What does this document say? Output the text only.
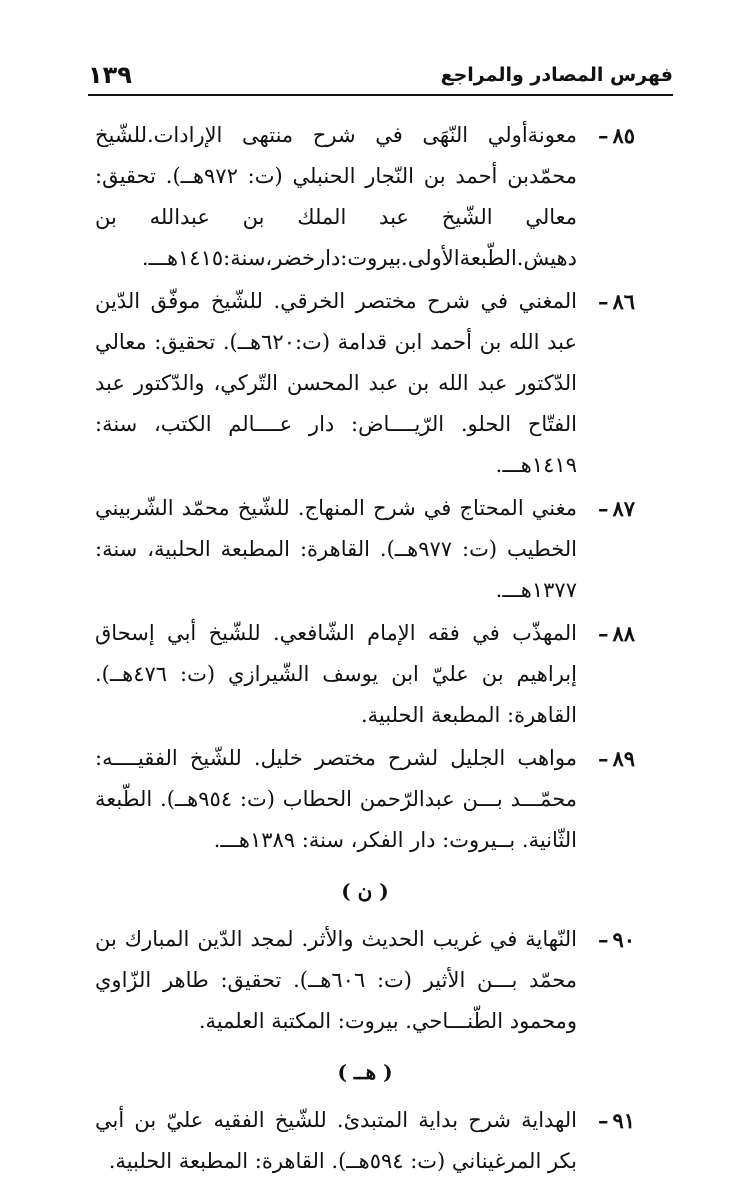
فهرس المصادر والمراجع
١٣٩
٨٥ –
معونةأولي النّهَى في شرح منتهى الإرادات.للشّيخ محمّدبن أحمد بن النّجار الحنبلي (ت: ٩٧٢هــ). تحقيق: معالي الشّيخ عبد الملك بن عبدالله بن دهيش.الطّبعةالأولى.بيروت:دارخضر،سنة:١٤١٥هـــ.
٨٦ –
المغني في شرح مختصر الخرقي. للشّيخ موفّق الدّين عبد الله بن أحمد ابن قدامة (ت:٦٢٠هــ). تحقيق: معالي الدّكتور عبد الله بن عبد المحسن التّركي، والدّكتور عبد الفتّاح الحلو. الرّيــــاض: دار عــــالم الكتب، سنة: ١٤١٩هـــ.
٨٧ –
مغني المحتاج في شرح المنهاج. للشّيخ محمّد الشّربيني الخطيب (ت: ٩٧٧هــ). القاهرة: المطبعة الحلبية، سنة: ١٣٧٧هـــ.
٨٨ –
المهذّب في فقه الإمام الشّافعي. للشّيخ أبي إسحاق إبراهيم بن عليّ ابن يوسف الشّيرازي (ت: ٤٧٦هــ). القاهرة: المطبعة الحلبية.
٨٩ –
مواهب الجليل لشرح مختصر خليل. للشّيخ الفقيــــه: محمّـــد بـــن عبدالرّحمن الحطاب (ت: ٩٥٤هــ). الطّبعة الثّانية. بــيروت: دار الفكر، سنة: ١٣٨٩هـــ.
( ن )
٩٠ –
النّهاية في غريب الحديث والأثر. لمجد الدّين المبارك بن محمّد بـــن الأثير (ت: ٦٠٦هــ). تحقيق: طاهر الزّاوي ومحمود الطّنـــاحي. بيروت: المكتبة العلمية.
( هــ )
٩١ –
الهداية شرح بداية المتبدئ. للشّيخ الفقيه عليّ بن أبي بكر المرغيناني (ت: ٥٩٤هــ). القاهرة: المطبعة الحلبية.
